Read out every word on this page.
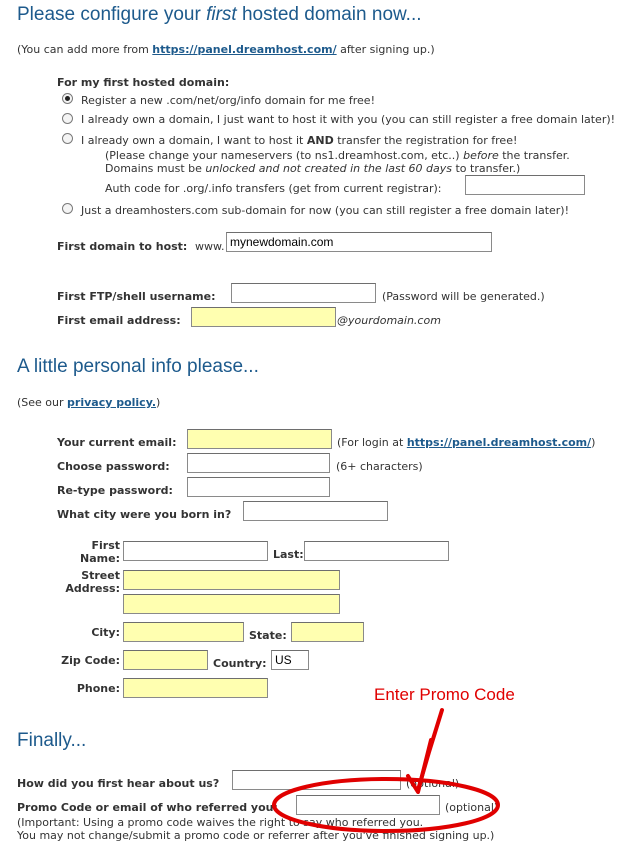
Please configure your first hosted domain now...
(You can add more from https://panel.dreamhost.com/ after signing up.)
For my first hosted domain:
Register a new .com/net/org/info domain for me free!
I already own a domain, I just want to host it with you (you can still register a free domain later)!
I already own a domain, I want to host it AND transfer the registration for free!
(Please change your nameservers (to ns1.dreamhost.com, etc..) before the transfer.
Domains must be unlocked and not created in the last 60 days to transfer.)
Auth code for .org/.info transfers (get from current registrar):
Just a dreamhosters.com sub-domain for now (you can still register a free domain later)!
First domain to host: www.
mynewdomain.com
First FTP/shell username:	(Password will be generated.)
First email address:	@yourdomain.com
A little personal info please...
(See our privacy policy.)
Your current email:	(For login at https://panel.dreamhost.com/)
Choose password:	(6+ characters)
Re-type password:
What city were you born in?
First
Name:	Last:
Street
Address:
City:	State:
Zip Code:	Country:
US
Phone:
Finally...
How did you first hear about us?	(optional)
Promo Code or email of who referred you:	(optional)
(Important: Using a promo code waives the right to say who referred you.
You may not change/submit a promo code or referrer after you've finished signing up.)
Enter Promo Code
